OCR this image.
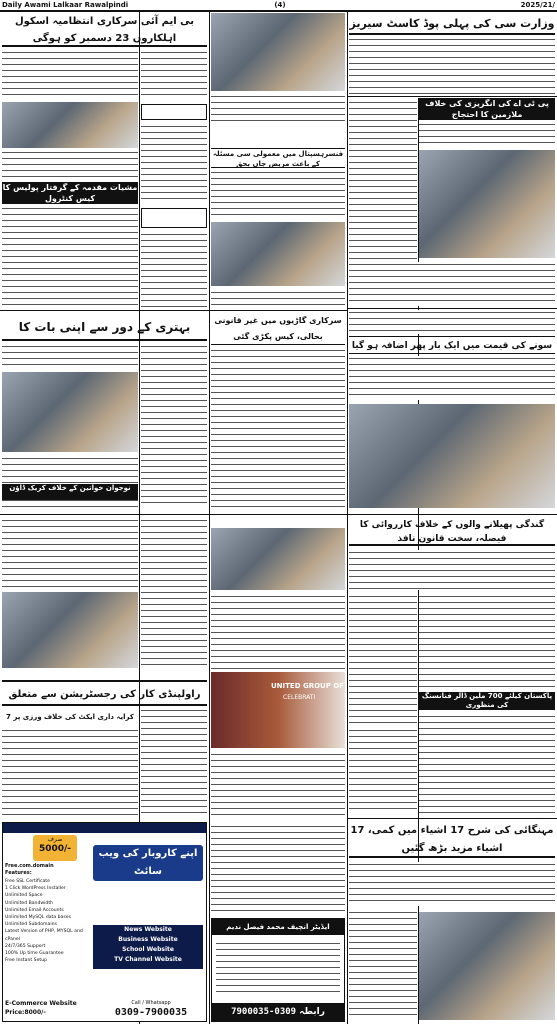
Daily Awami Lalkaar Rawalpindi	(4)	2025/21/
وزارت سی کی پہلی پوڈ کاسٹ سیریز
بی ایم آئی سرکاری انتظامیہ اسکول اہلکاروں 23 دسمبر کو ہوگی
مشیات مقدمہ کے گرفتار پولیس کا کیس کنٹرول
فنسرہسپتال میں معمولی سی مسئلہ کے باعث مریض جاں بحق
پی ٹی اے کی انگریزی کی خلاف ملازمین کا احتجاج
سونے کی قیمت میں ایک بار پھر اضافہ ہو گیا
بہتری کے دور سے اپنی بات کا
نوجوان خواتین کے خلاف کریک ڈاؤن
سرکاری گاڑیوں میں غیر قانونی بحالی، کیس پکڑی گئی
گندگی پھیلانے والوں کے خلاف کارروائی کا فیصلہ، سخت قانون نافذ
پاکستان کیلئے 700 ملین ڈالر فنانسنگ کی منظوری
راولپنڈی کار کی رجسٹریشن سے متعلق
کرایہ داری ایکٹ کی خلاف ورزی پر 7
UNITED GROUP OF
CELEBRATI
مہنگائی کی شرح 17 اشیاء میں کمی، 17 اشیاء مزید بڑھ گئیں
ایڈیٹر انچیف محمد فیصل ندیم
رابطہ 0309-7900035
صرف
5000/-
Free.com.domain
Features:
Free SSL Certificate
1 Click WordPress Installer
Unlimited Space
Unlimited Bandwidth
Unlimited Email Accounts
Unlimited MySQL data bases
Unlimited Subdomains
Latest Version of PHP, MYSQL and cPanel
24/7/365 Support
100% Up time Guarantee
Free Instant Setup
اپنے کاروبار کی ویب سائٹ
News Website
Business Website
School Website
TV Channel Website
E-Commerce Website
Price:8000/-
Call / Whatsapp
0309-7900035
